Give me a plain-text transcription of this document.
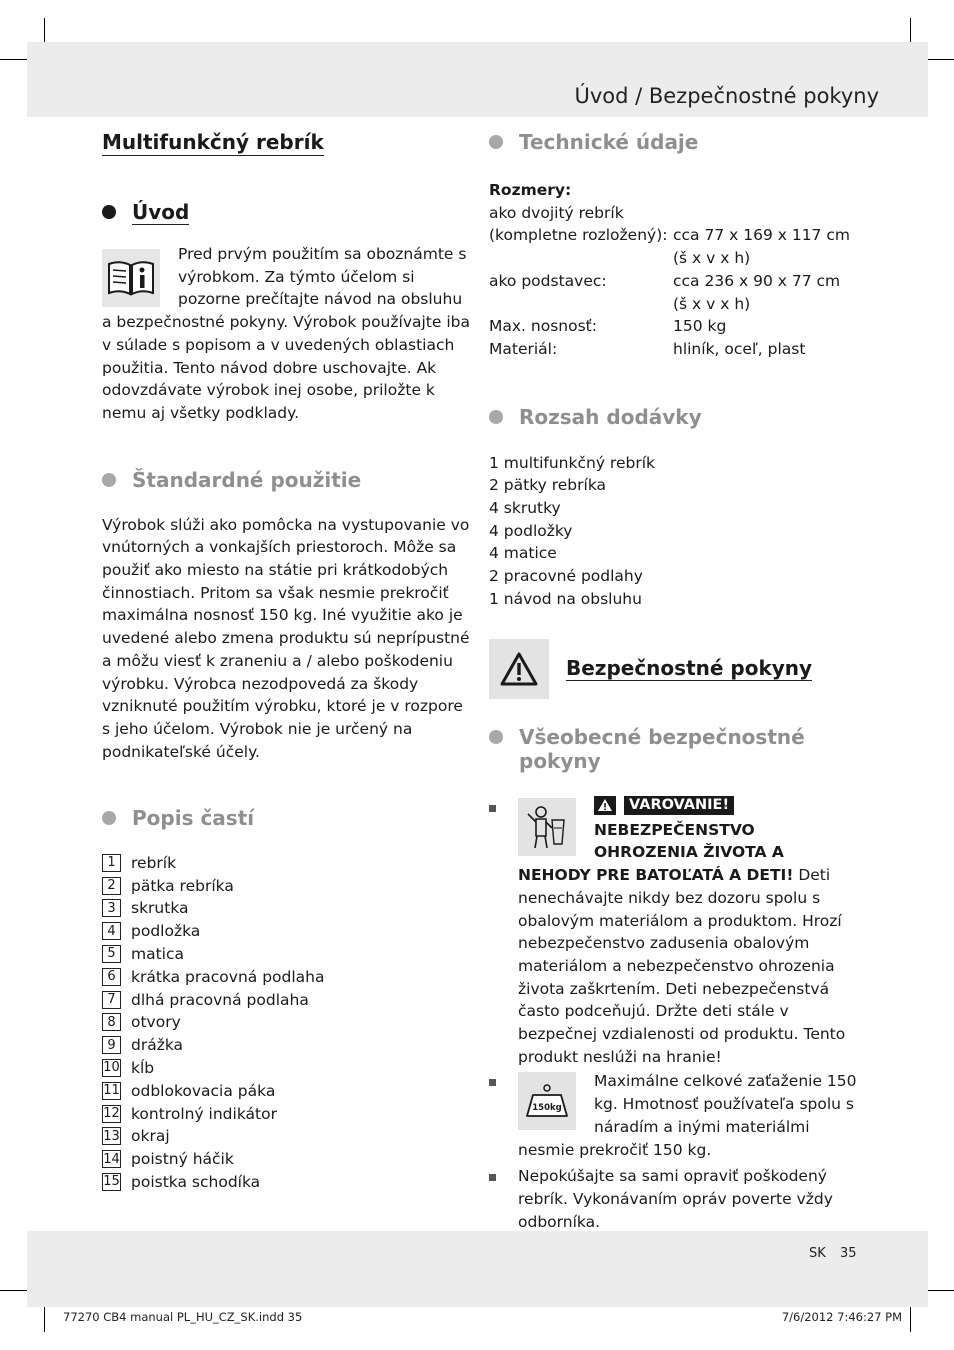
Úvod / Bezpečnostné pokyny
Multifunkčný rebrík
Úvod

Pred prvým použitím sa oboznámte s výrobkom. Za týmto účelom si pozorne prečítajte návod na obsluhu a bezpečnostné pokyny. Výrobok používajte iba v súlade s popisom a v uvedených oblastiach použitia. Tento návod dobre uschovajte. Ak odovzdávate výrobok inej osobe, priložte k nemu aj všetky podklady.

Štandardné použitie

Výrobok slúži ako pomôcka na vystupovanie vo vnútorných a vonkajších priestoroch. Môže sa použiť ako miesto na státie pri krátkodobých činnostiach. Pritom sa však nesmie prekročiť maximálna nosnosť 150 kg. Iné využitie ako je uvedené alebo zmena produktu sú neprípustné a môžu viesť k zraneniu a / alebo poškodeniu výrobku. Výrobca nezodpovedá za škody vzniknuté použitím výrobku, ktoré je v rozpore s jeho účelom. Výrobok nie je určený na podnikateľské účely.

Popis častí
1 rebrík
2 pätka rebríka
3 skrutka
4 podložka
5 matica
6 krátka pracovná podlaha
7 dlhá pracovná podlaha
8 otvory
9 drážka
10 kĺb
11 odblokovacia páka
12 kontrolný indikátor
13 okraj
14 poistný háčik
15 poistka schodíka
Technické údaje
Rozmery:
ako dvojitý rebrík
(kompletne rozložený): cca 77 x 169 x 117 cm
(š x v x h)
ako podstavec:	cca 236 x 90 x 77 cm
(š x v x h)
Max. nosnosť:	150 kg
Materiál:	hliník, oceľ, plast
Rozsah dodávky
1 multifunkčný rebrík
2 pätky rebríka
4 skrutky
4 podložky
4 matice
2 pracovné podlahy
1 návod na obsluhu
Bezpečnostné pokyny
Všeobecné bezpečnostné pokyny

VAROVANIE!

NEBEZPEČENSTVO OHROZENIA ŽIVOTA A NEHODY PRE BATOĽATÁ A DETI! Deti nenechávajte nikdy bez dozoru spolu s obalovým materiálom a produktom. Hrozí nebezpečenstvo zadusenia obalovým materiálom a nebezpečenstvo ohrozenia života zaškrtením. Deti nebezpečenstvá často podceňujú. Držte deti stále v bezpečnej vzdialenosti od produktu. Tento produkt neslúži na hranie!

150kg

Maximálne celkové zaťaženie 150 kg. Hmotnosť používateľa spolu s náradím a inými materiálmi nesmie prekročiť 150 kg.

Nepokúšajte sa sami opraviť poškodený rebrík. Vykonávaním opráv poverte vždy odborníka.

SK 35
77270 CB4 manual PL_HU_CZ_SK.indd 35	7/6/2012 7:46:27 PM
